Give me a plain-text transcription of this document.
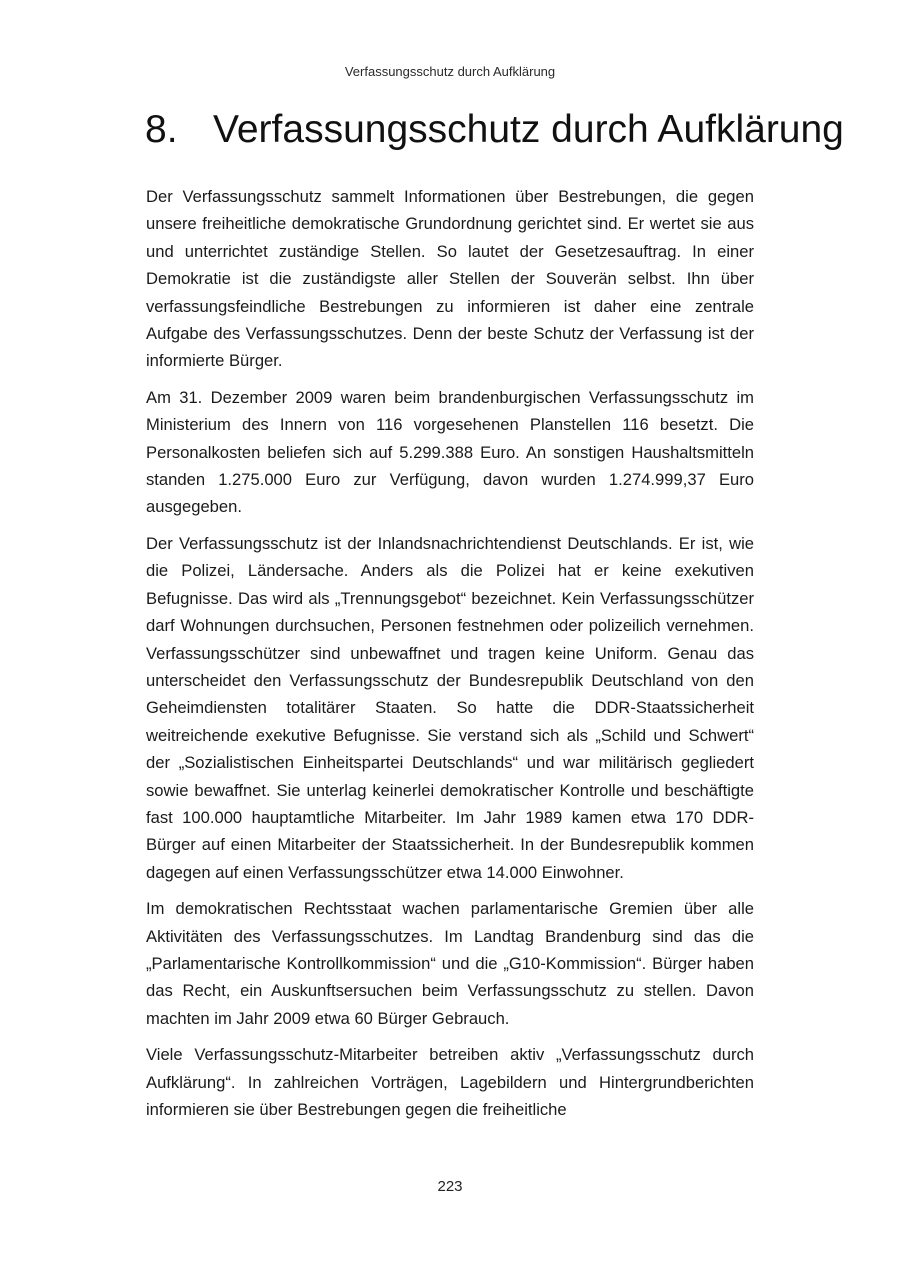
Verfassungsschutz durch Aufklärung
8. Verfassungsschutz durch Aufklärung

Der Verfassungsschutz sammelt Informationen über Bestrebungen, die gegen unsere freiheitliche demokratische Grundordnung gerichtet sind. Er wertet sie aus und unterrichtet zuständige Stellen. So lautet der Gesetzesauftrag. In einer Demokratie ist die zuständigste aller Stellen der Souverän selbst. Ihn über verfassungsfeindliche Bestrebungen zu informieren ist daher eine zentrale Aufgabe des Verfassungsschutzes. Denn der beste Schutz der Verfassung ist der informierte Bürger.

Am 31. Dezember 2009 waren beim brandenburgischen Verfassungsschutz im Ministerium des Innern von 116 vorgesehenen Planstellen 116 besetzt. Die Personalkosten beliefen sich auf 5.299.388 Euro. An sonstigen Haushaltsmitteln standen 1.275.000 Euro zur Verfügung, davon wurden 1.274.999,37 Euro ausgegeben.

Der Verfassungsschutz ist der Inlandsnachrichtendienst Deutschlands. Er ist, wie die Polizei, Ländersache. Anders als die Polizei hat er keine exekutiven Befugnisse. Das wird als „Trennungsgebot“ bezeichnet. Kein Verfassungsschützer darf Wohnungen durchsuchen, Personen festnehmen oder polizeilich vernehmen. Verfassungsschützer sind unbewaffnet und tragen keine Uniform. Genau das unterscheidet den Verfassungsschutz der Bundesrepublik Deutschland von den Geheimdiensten totalitärer Staaten. So hatte die DDR-Staatssicherheit weitreichende exekutive Befugnisse. Sie verstand sich als „Schild und Schwert“ der „Sozialistischen Einheitspartei Deutschlands“ und war militärisch gegliedert sowie bewaffnet. Sie unterlag keinerlei demokratischer Kontrolle und beschäftigte fast 100.000 hauptamtliche Mitarbeiter. Im Jahr 1989 kamen etwa 170 DDR-Bürger auf einen Mitarbeiter der Staatssicherheit. In der Bundesrepublik kommen dagegen auf einen Verfassungsschützer etwa 14.000 Einwohner.

Im demokratischen Rechtsstaat wachen parlamentarische Gremien über alle Aktivitäten des Verfassungsschutzes. Im Landtag Brandenburg sind das die „Parlamentarische Kontrollkommission“ und die „G10-Kommission“. Bürger haben das Recht, ein Auskunftsersuchen beim Verfassungsschutz zu stellen. Davon machten im Jahr 2009 etwa 60 Bürger Gebrauch.

Viele Verfassungsschutz-Mitarbeiter betreiben aktiv „Verfassungsschutz durch Aufklärung“. In zahlreichen Vorträgen, Lagebildern und Hintergrundberichten informieren sie über Bestrebungen gegen die freiheitliche

223
